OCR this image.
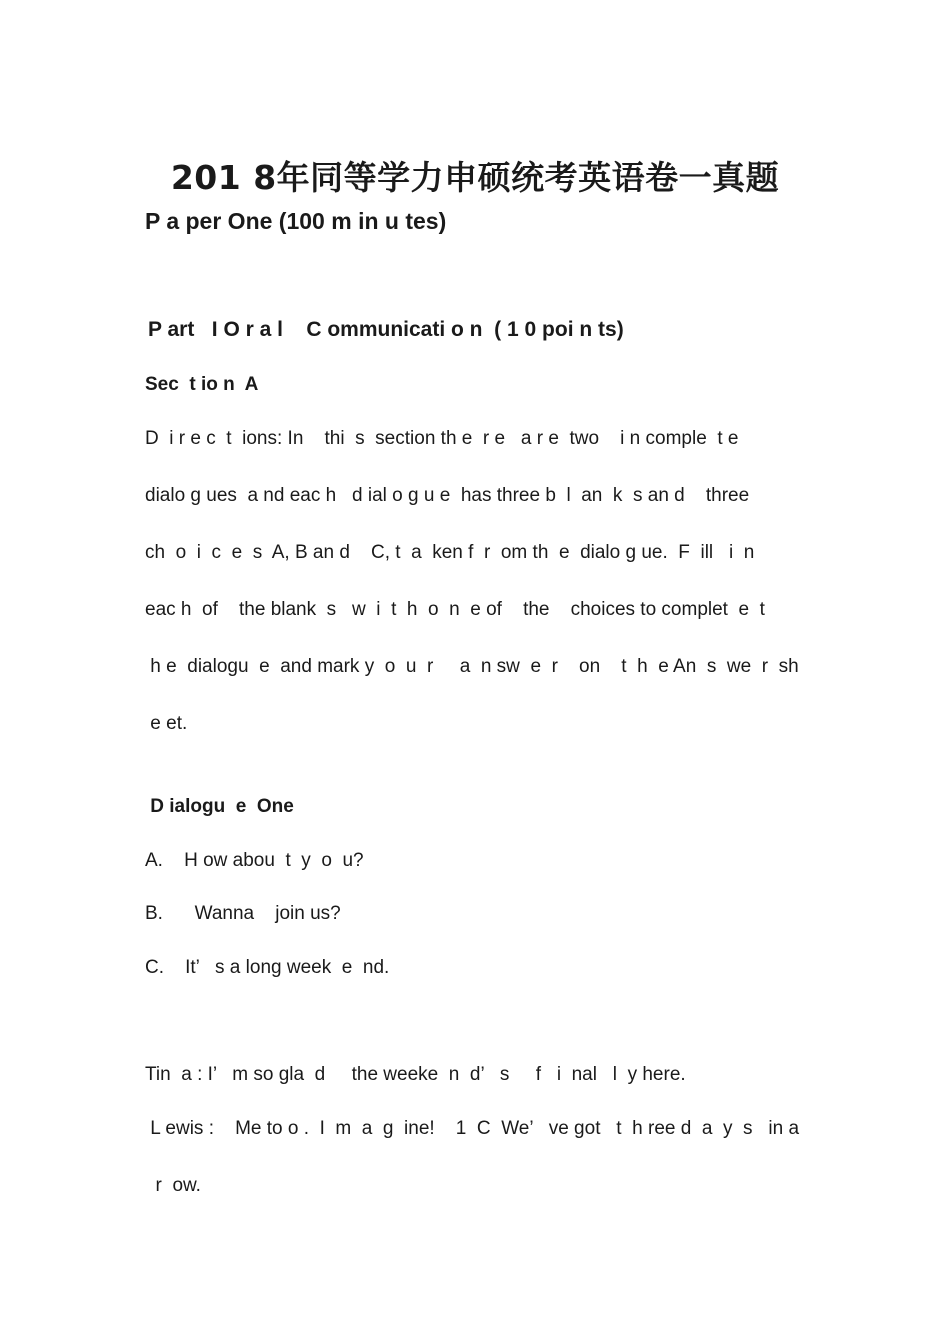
201 8年同等学力申硕统考英语卷一真题
P a per One (100 m in u tes)
P art   I O r a l    C ommunicati o n  ( 1 0 poi n ts)
Sec  t io n  A
D  i r e c  t  ions: In    thi  s  section th e  r e   a r e  two    i n comple  t e
dialo g ues  a nd eac h   d ial o g u e  has three b  l  an  k  s an d    three
ch  o  i  c  e  s  A, B an d    C, t  a  ken f  r  om th  e  dialo g ue.  F  ill   i  n
eac h  of    the blank  s   w  i  t  h  o  n  e of    the    choices to complet  e  t
h e  dialogu  e  and mark y  o  u  r     a  n sw  e  r    on    t  h  e An  s  we  r  sh
e et.
D ialogu  e  One
A.    H ow abou  t  y  o  u?
B.      Wanna    join us?
C.    It’   s a long week  e  nd.
Tin  a : I’   m so gla  d     the weeke  n  d’   s     f   i  nal   l  y here.
L ewis :    Me to o .  I  m  a  g  ine!    1  C  We’   ve got   t  h ree d  a  y  s   in a
r  ow.
